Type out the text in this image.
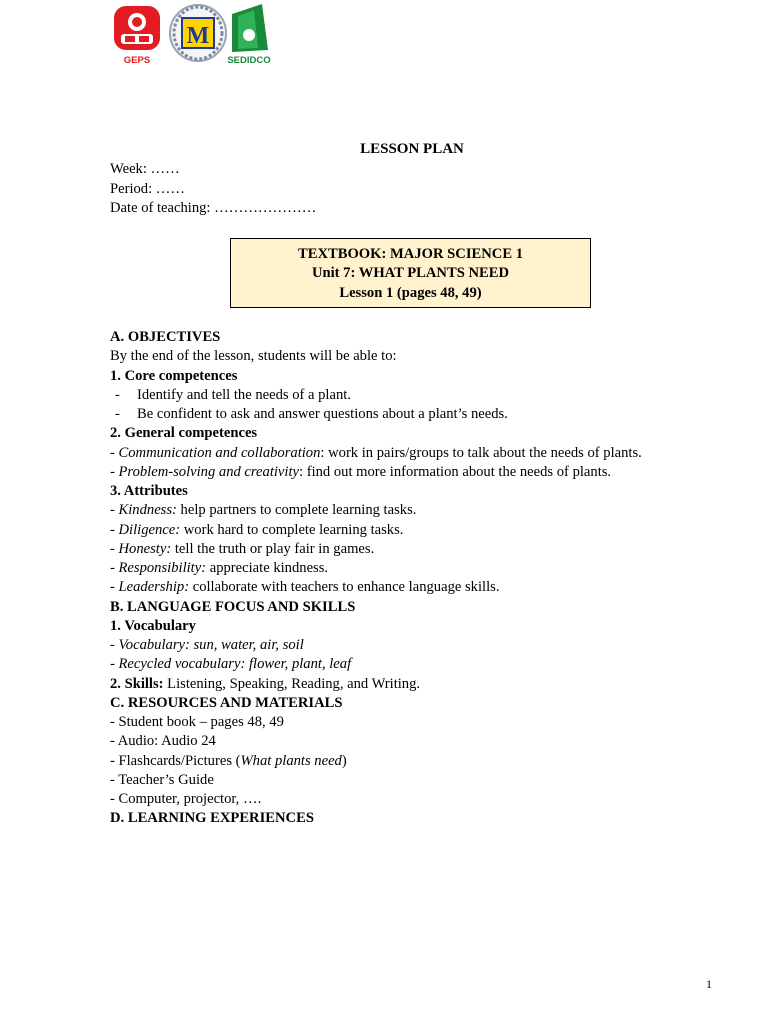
GEPS
M
SEDIDCO
LESSON PLAN
Week: ……
Period: ……
Date of teaching: …………………
TEXTBOOK: MAJOR SCIENCE 1
Unit 7: WHAT PLANTS NEED
Lesson 1 (pages 48, 49)
A. OBJECTIVES
By the end of the lesson, students will be able to:
1. Core competences
- Identify and tell the needs of a plant.
- Be confident to ask and answer questions about a plant’s needs.
2. General competences
- Communication and collaboration: work in pairs/groups to talk about the needs of plants.
- Problem-solving and creativity: find out more information about the needs of plants.
3. Attributes
- Kindness: help partners to complete learning tasks.
- Diligence: work hard to complete learning tasks.
- Honesty: tell the truth or play fair in games.
- Responsibility: appreciate kindness.
- Leadership: collaborate with teachers to enhance language skills.
B. LANGUAGE FOCUS AND SKILLS
1. Vocabulary
- Vocabulary: sun, water, air, soil
- Recycled vocabulary: flower, plant, leaf
2. Skills: Listening, Speaking, Reading, and Writing.
C. RESOURCES AND MATERIALS
- Student book – pages 48, 49
- Audio: Audio 24
- Flashcards/Pictures (What plants need)
- Teacher’s Guide
- Computer, projector, ….
D. LEARNING EXPERIENCES
1
